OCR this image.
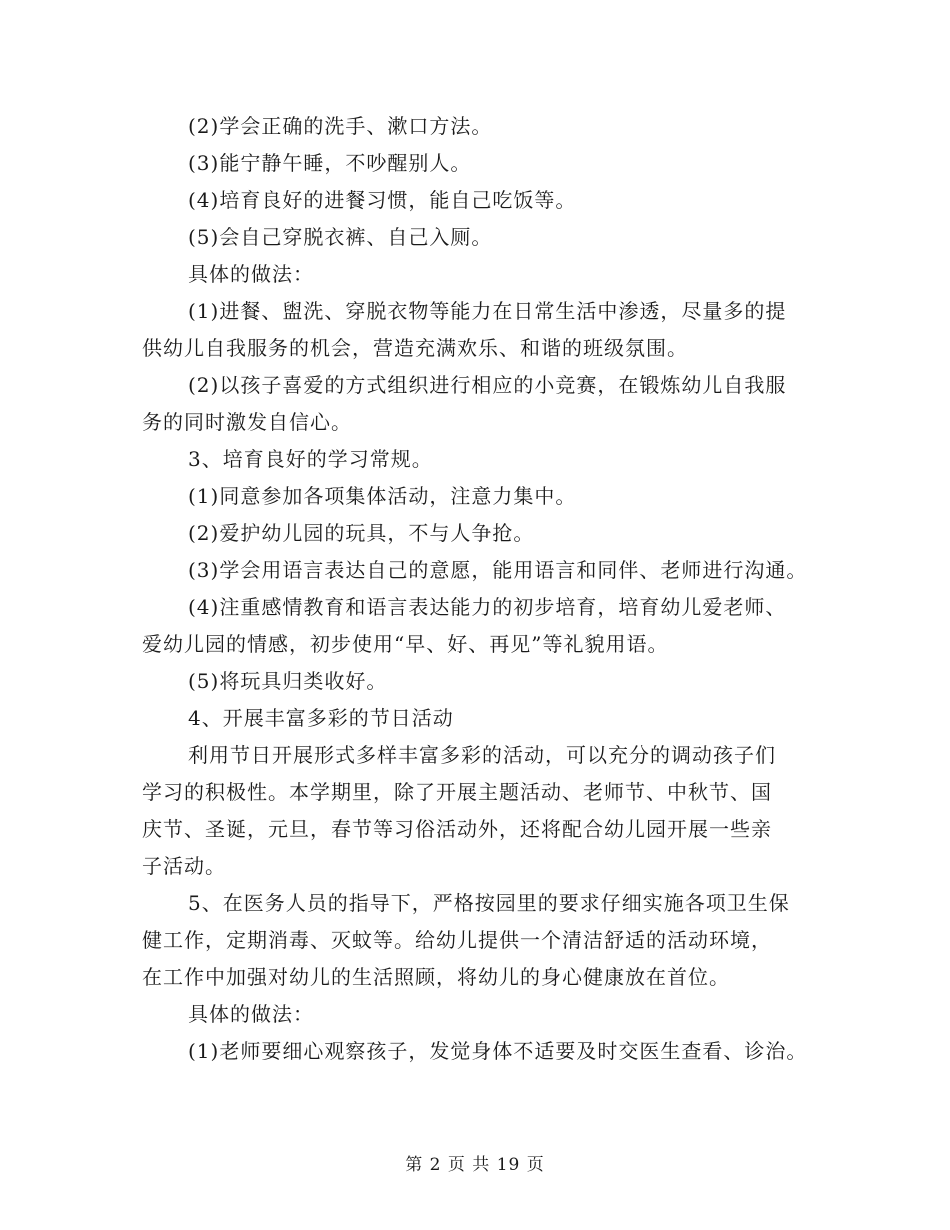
(2)学会正确的洗手、漱口方法。
(3)能宁静午睡，不吵醒别人。
(4)培育良好的进餐习惯，能自己吃饭等。
(5)会自己穿脱衣裤、自己入厕。
具体的做法：
(1)进餐、盥洗、穿脱衣物等能力在日常生活中渗透，尽量多的提
供幼儿自我服务的机会，营造充满欢乐、和谐的班级氛围。
(2)以孩子喜爱的方式组织进行相应的小竞赛，在锻炼幼儿自我服
务的同时激发自信心。
3、培育良好的学习常规。
(1)同意参加各项集体活动，注意力集中。
(2)爱护幼儿园的玩具，不与人争抢。
(3)学会用语言表达自己的意愿，能用语言和同伴、老师进行沟通。
(4)注重感情教育和语言表达能力的初步培育，培育幼儿爱老师、
爱幼儿园的情感，初步使用“早、好、再见”等礼貌用语。
(5)将玩具归类收好。
4、开展丰富多彩的节日活动
利用节日开展形式多样丰富多彩的活动，可以充分的调动孩子们
学习的积极性。本学期里，除了开展主题活动、老师节、中秋节、国
庆节、圣诞，元旦，春节等习俗活动外，还将配合幼儿园开展一些亲
子活动。
5、在医务人员的指导下，严格按园里的要求仔细实施各项卫生保
健工作，定期消毒、灭蚊等。给幼儿提供一个清洁舒适的活动环境，
在工作中加强对幼儿的生活照顾，将幼儿的身心健康放在首位。
具体的做法：
(1)老师要细心观察孩子，发觉身体不适要及时交医生查看、诊治。
第 2 页 共 19 页
